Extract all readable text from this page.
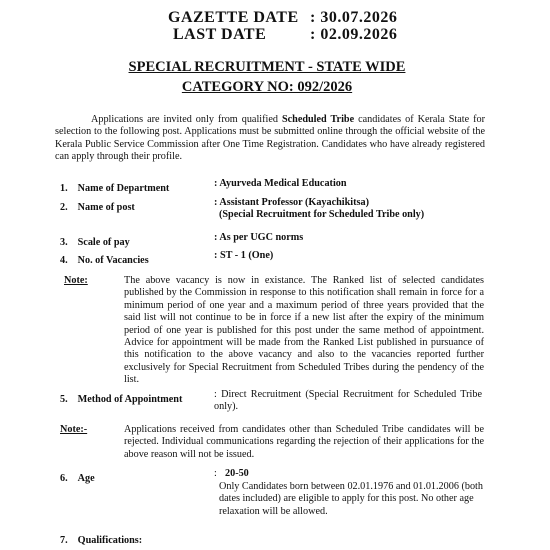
GAZETTE DATE : 30.07.2026
LAST DATE	: 02.09.2026
SPECIAL RECRUITMENT - STATE WIDE
CATEGORY NO: 092/2026
Applications are invited only from qualified Scheduled Tribe candidates of Kerala State for selection to the following post. Applications must be submitted online through the official website of the Kerala Public Service Commission after One Time Registration. Candidates who have already registered can apply through their profile.
1. Name of Department	: Ayurveda Medical Education
2. Name of post	: Assistant Professor (Kayachikitsa)
(Special Recruitment for Scheduled Tribe only)
3. Scale of pay	: As per UGC norms
4. No. of Vacancies	: ST - 1 (One)
Note:	The above vacancy is now in existance. The Ranked list of selected candidates published by the Commission in response to this notification shall remain in force for a minimum period of one year and a maximum period of three years provided that the said list will not continue to be in force if a new list after the expiry of the minimum period of one year is published for this post under the same method of appointment. Advice for appointment will be made from the Ranked List published in pursuance of this notification to the above vacancy and also to the vacancies reported further exclusively for Special Recruitment from Scheduled Tribes during the pendency of the list.
5. Method of Appointment	: Direct Recruitment (Special Recruitment for Scheduled Tribe only).
Note:-	Applications received from candidates other than Scheduled Tribe candidates will be rejected. Individual communications regarding the rejection of their applications for the above reason will not be issued.
6. Age	: 20-50
Only Candidates born between 02.01.1976 and 01.01.2006 (both dates included) are eligible to apply for this post. No other age relaxation will be allowed.
7. Qualifications:
